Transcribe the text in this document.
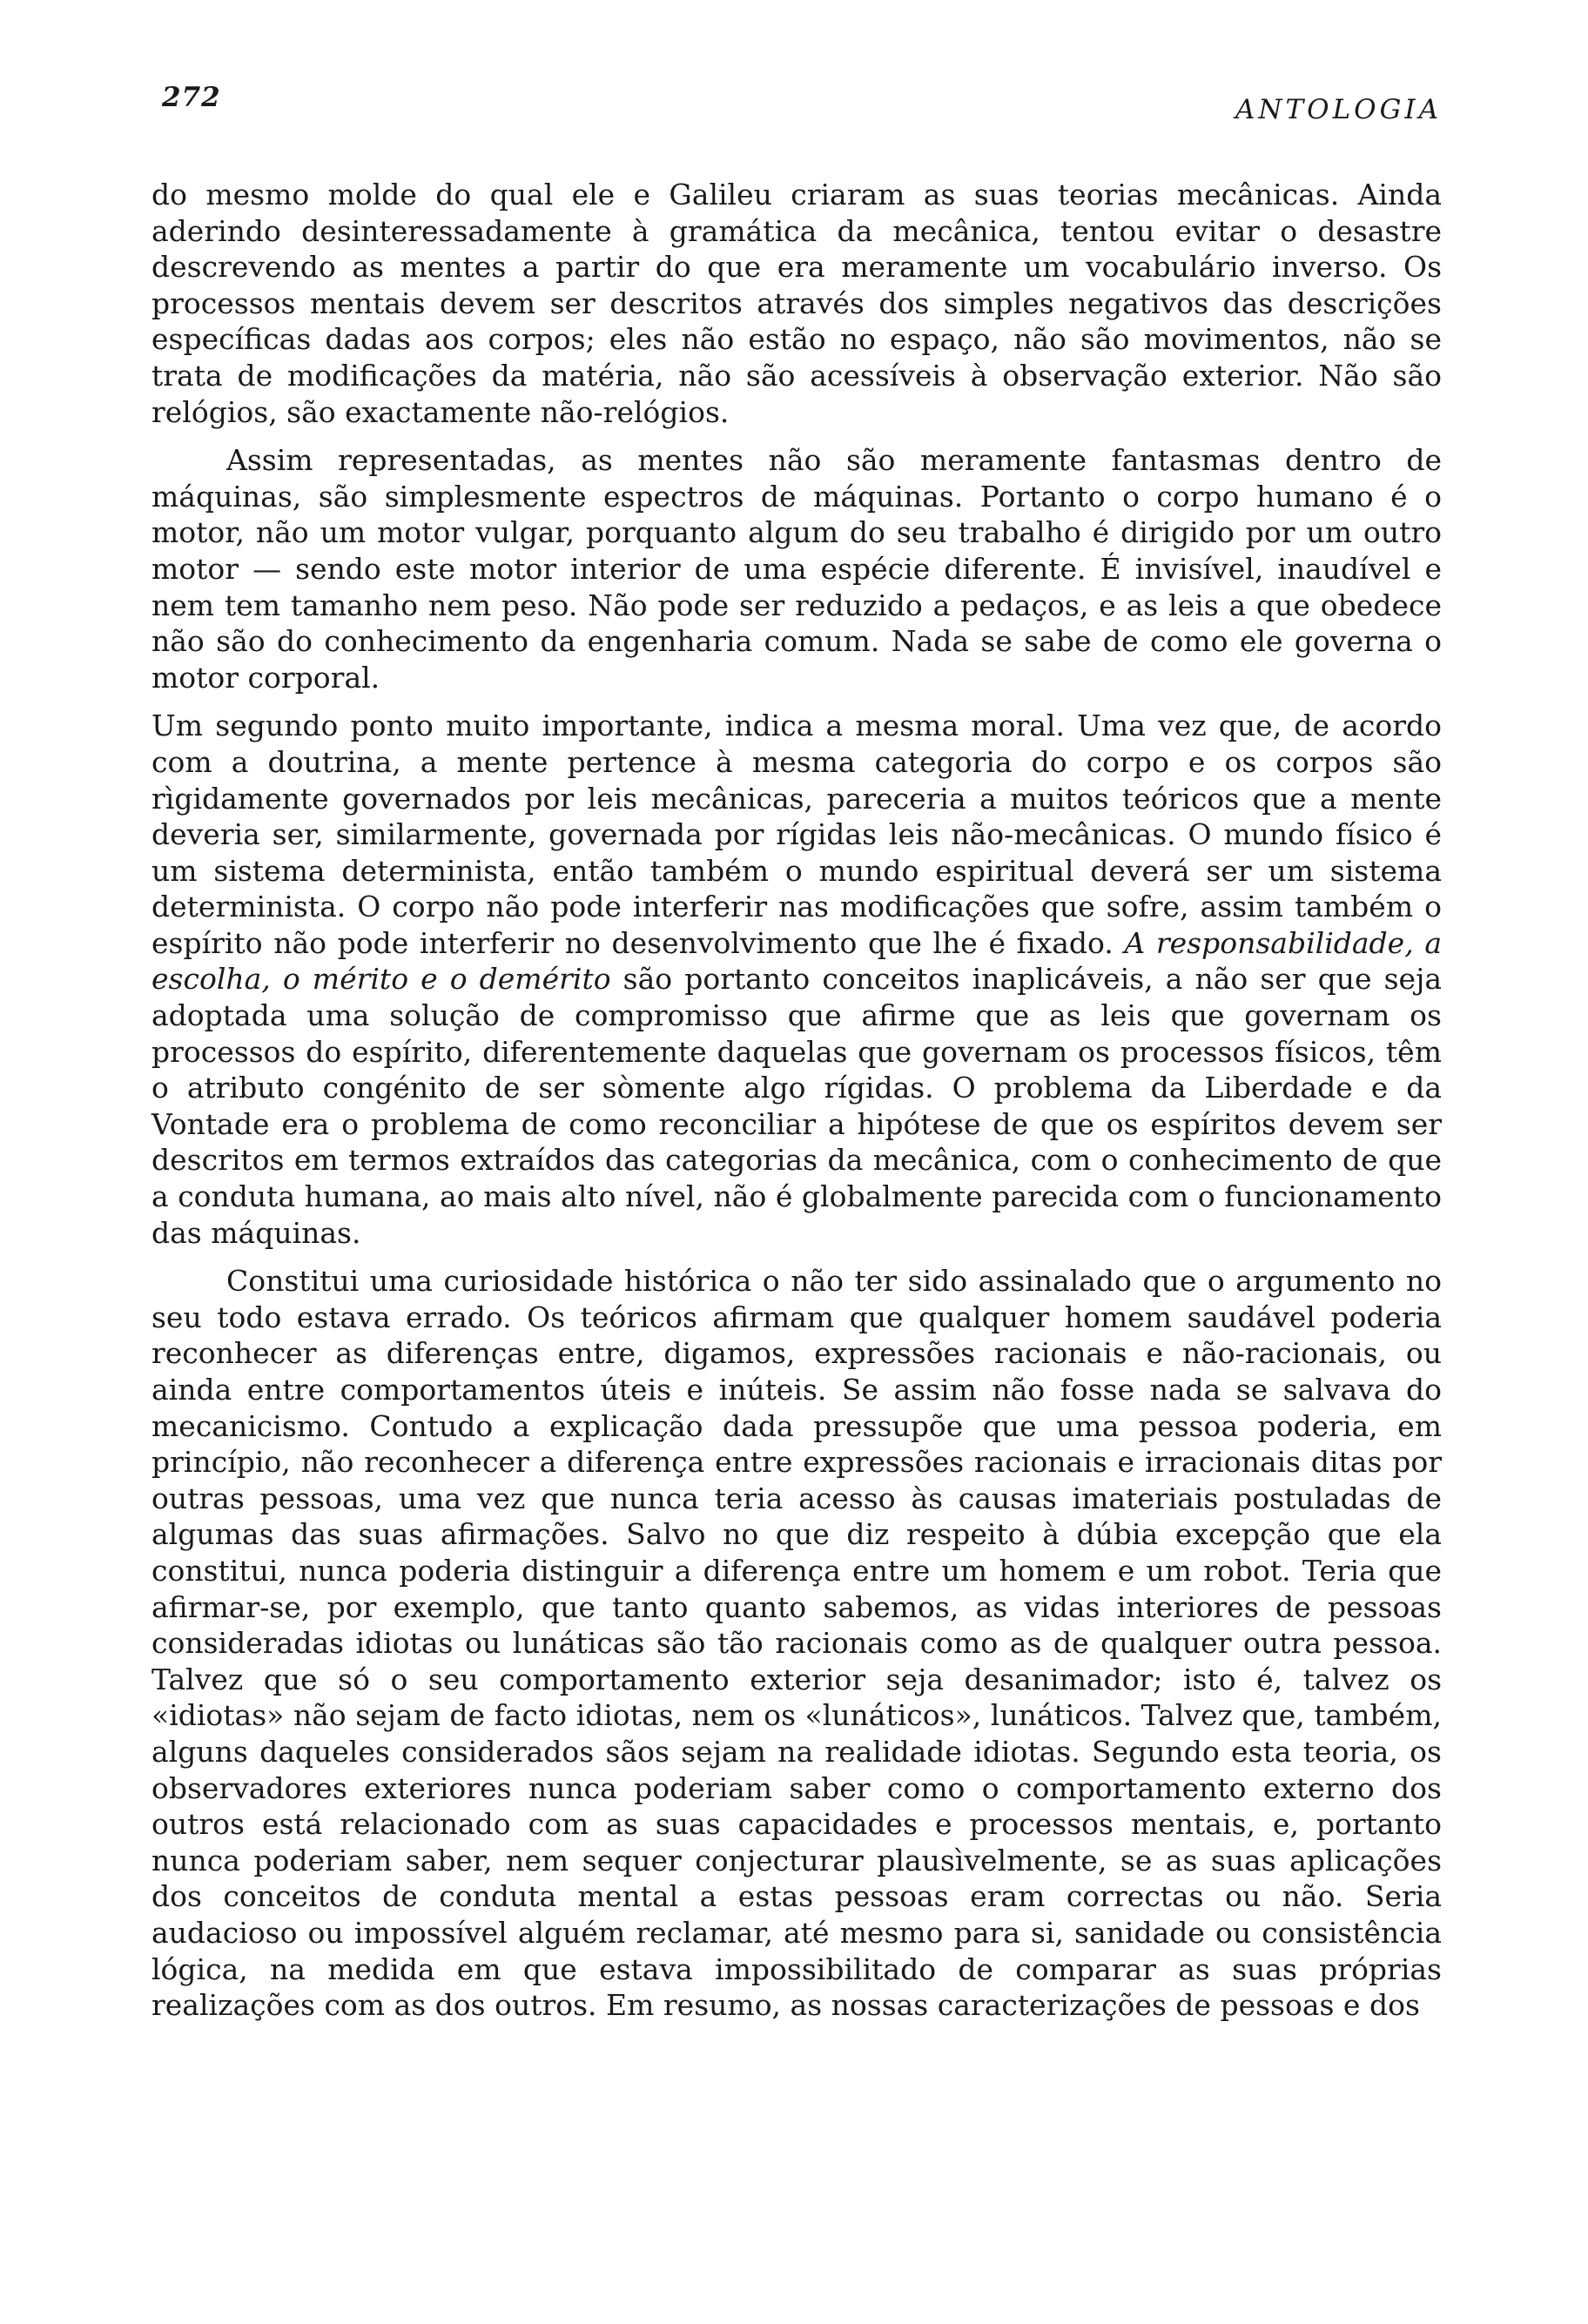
272	ANTOLOGIA

do mesmo molde do qual ele e Galileu criaram as suas teorias mecânicas. Ainda aderindo desinteressadamente à gramática da mecânica, tentou evitar o desastre descrevendo as mentes a partir do que era meramente um vocabulário inverso. Os processos mentais devem ser descritos através dos simples negativos das descrições específicas dadas aos corpos; eles não estão no espaço, não são movimentos, não se trata de modificações da matéria, não são acessíveis à observação exterior. Não são relógios, são exactamente não-relógios.

Assim representadas, as mentes não são meramente fantasmas dentro de máquinas, são simplesmente espectros de máquinas. Portanto o corpo humano é o motor, não um motor vulgar, porquanto algum do seu trabalho é dirigido por um outro motor — sendo este motor interior de uma espécie diferente. É invisível, inaudível e nem tem tamanho nem peso. Não pode ser reduzido a pedaços, e as leis a que obedece não são do conhecimento da engenharia comum. Nada se sabe de como ele governa o motor corporal.

Um segundo ponto muito importante, indica a mesma moral. Uma vez que, de acordo com a doutrina, a mente pertence à mesma categoria do corpo e os corpos são rìgidamente governados por leis mecânicas, pareceria a muitos teóricos que a mente deveria ser, similarmente, governada por rígidas leis não-mecânicas. O mundo físico é um sistema determinista, então também o mundo espiritual deverá ser um sistema determinista. O corpo não pode interferir nas modificações que sofre, assim também o espírito não pode interferir no desenvolvimento que lhe é fixado. A responsabilidade, a escolha, o mérito e o demérito são portanto conceitos inaplicáveis, a não ser que seja adoptada uma solução de compromisso que afirme que as leis que governam os processos do espírito, diferentemente daquelas que governam os processos físicos, têm o atributo congénito de ser sòmente algo rígidas. O problema da Liberdade e da Vontade era o problema de como reconciliar a hipótese de que os espíritos devem ser descritos em termos extraídos das categorias da mecânica, com o conhecimento de que a conduta humana, ao mais alto nível, não é globalmente parecida com o funcionamento das máquinas.

Constitui uma curiosidade histórica o não ter sido assinalado que o argumento no seu todo estava errado. Os teóricos afirmam que qualquer homem saudável poderia reconhecer as diferenças entre, digamos, expressões racionais e não-racionais, ou ainda entre comportamentos úteis e inúteis. Se assim não fosse nada se salvava do mecanicismo. Contudo a explicação dada pressupõe que uma pessoa poderia, em princípio, não reconhecer a diferença entre expressões racionais e irracionais ditas por outras pessoas, uma vez que nunca teria acesso às causas imateriais postuladas de algumas das suas afirmações. Salvo no que diz respeito à dúbia excepção que ela constitui, nunca poderia distinguir a diferença entre um homem e um robot. Teria que afirmar-se, por exemplo, que tanto quanto sabemos, as vidas interiores de pessoas consideradas idiotas ou lunáticas são tão racionais como as de qualquer outra pessoa. Talvez que só o seu comportamento exterior seja desanimador; isto é, talvez os «idiotas» não sejam de facto idiotas, nem os «lunáticos», lunáticos. Talvez que, também, alguns daqueles considerados sãos sejam na realidade idiotas. Segundo esta teoria, os observadores exteriores nunca poderiam saber como o comportamento externo dos outros está relacionado com as suas capacidades e processos mentais, e, portanto nunca poderiam saber, nem sequer conjecturar plausìvelmente, se as suas aplicações dos conceitos de conduta mental a estas pessoas eram correctas ou não. Seria audacioso ou impossível alguém reclamar, até mesmo para si, sanidade ou consistência lógica, na medida em que estava impossibilitado de comparar as suas próprias realizações com as dos outros. Em resumo, as nossas caracterizações de pessoas e dos
